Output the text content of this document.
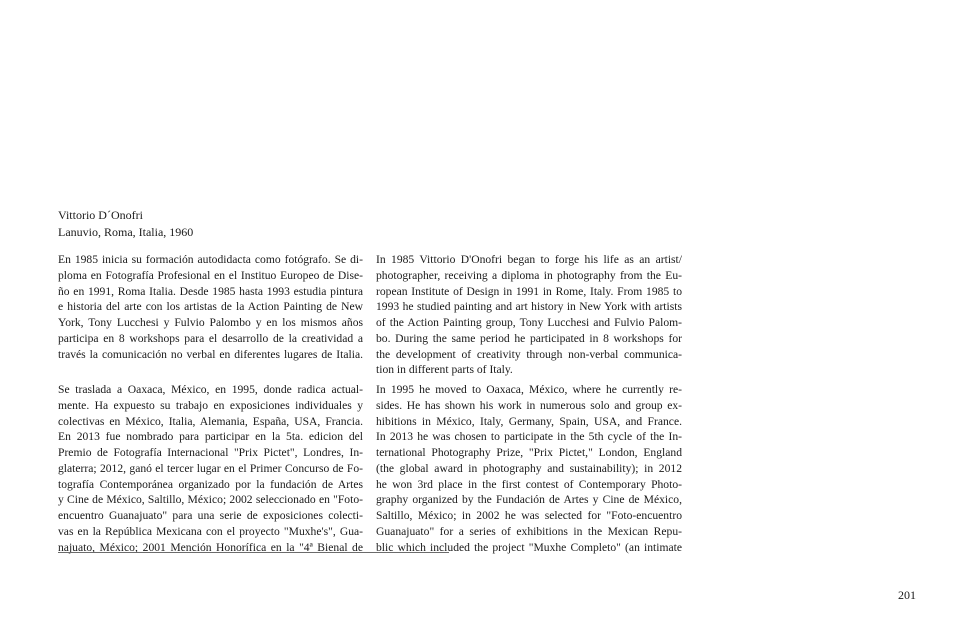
Vittorio D´Onofri
Lanuvio, Roma, Italia, 1960
En 1985 inicia su formación autodidacta como fotógrafo. Se di-
ploma en Fotografía Profesional en el Instituo Europeo de Dise-
ño en 1991, Roma Italia. Desde 1985 hasta 1993 estudia pintura
e historia del arte con los artistas de la Action Painting de New
York, Tony Lucchesi y Fulvio Palombo y en los mismos años
participa en 8 workshops para el desarrollo de la creatividad a
través la comunicación no verbal en diferentes lugares de Italia.
In 1985 Vittorio D'Onofri began to forge his life as an artist/
photographer, receiving a diploma in photography from the Eu-
ropean Institute of Design in 1991 in Rome, Italy. From 1985 to
1993 he studied painting and art history in New York with artists
of the Action Painting group, Tony Lucchesi and Fulvio Palom-
bo. During the same period he participated in 8 workshops for
the development of creativity through non-verbal communica-
tion in different parts of Italy.
Se traslada a Oaxaca, México, en 1995, donde radica actual-
mente. Ha expuesto su trabajo en exposiciones individuales y
colectivas en México, Italia, Alemania, España, USA, Francia.
En 2013 fue nombrado para participar en la 5ta. edicion del
Premio de Fotografía Internacional "Prix Pictet", Londres, In-
glaterra; 2012, ganó el tercer lugar en el Primer Concurso de Fo-
tografía Contemporánea organizado por la fundación de Artes
y Cine de México, Saltillo, México; 2002 seleccionado en "Foto-
encuentro Guanajuato" para una serie de exposiciones colecti-
vas en la República Mexicana con el proyecto "Muxhe's", Gua-
najuato, México; 2001 Mención Honorífica en la "4ª Bienal de
In 1995 he moved to Oaxaca, México, where he currently re-
sides. He has shown his work in numerous solo and group ex-
hibitions in México, Italy, Germany, Spain, USA, and France.
In 2013 he was chosen to participate in the 5th cycle of the In-
ternational Photography Prize, "Prix Pictet," London, England
(the global award in photography and sustainability); in 2012
he won 3rd place in the first contest of Contemporary Photo-
graphy organized by the Fundación de Artes y Cine de México,
Saltillo, México; in 2002 he was selected for "Foto-encuentro
Guanajuato" for a series of exhibitions in the Mexican Repu-
blic which included the project "Muxhe Completo" (an intimate
201
